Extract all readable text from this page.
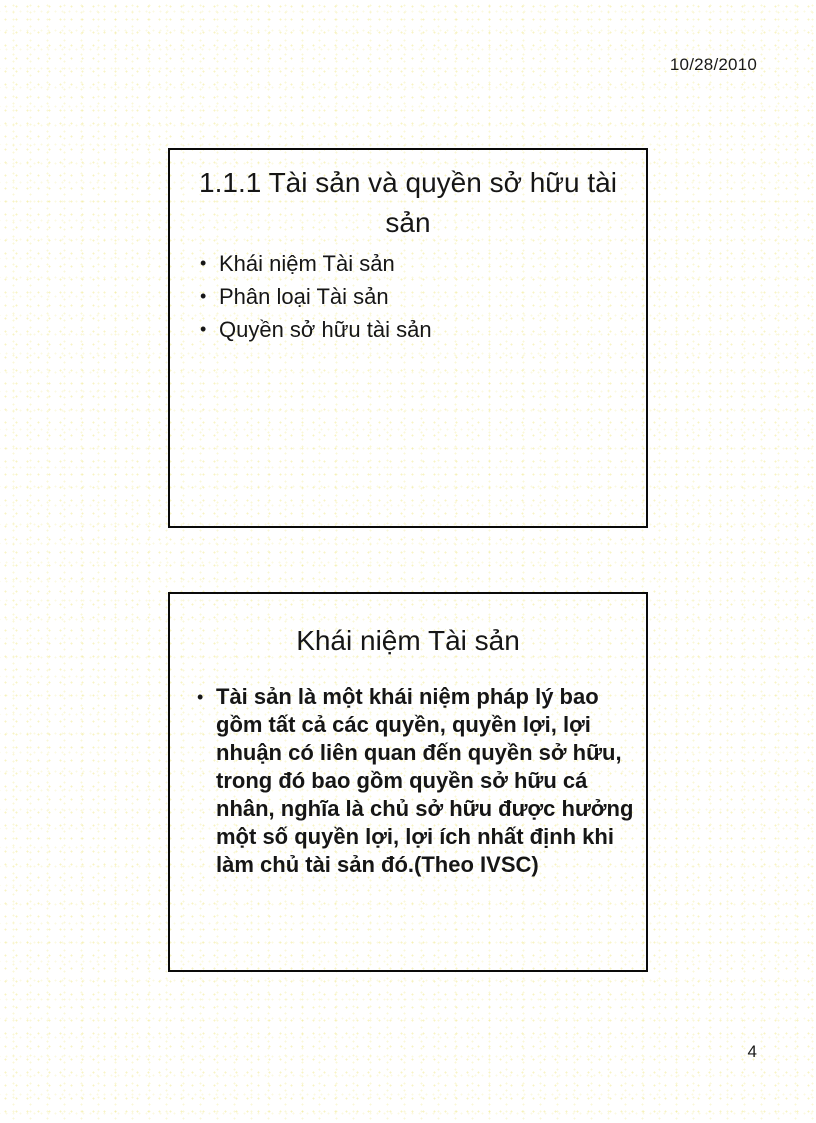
10/28/2010
1.1.1 Tài sản và quyền sở hữu tài sản
• Khái niệm Tài sản
• Phân loại Tài sản
• Quyền sở hữu tài sản
Khái niệm Tài sản
• Tài sản là một khái niệm pháp lý bao gồm tất cả các quyền, quyền lợi, lợi nhuận có liên quan đến quyền sở hữu,  trong đó bao gồm quyền sở hữu cá nhân, nghĩa là chủ sở hữu được hưởng một số quyền lợi, lợi ích nhất định khi làm chủ tài sản đó.(Theo IVSC)
4
